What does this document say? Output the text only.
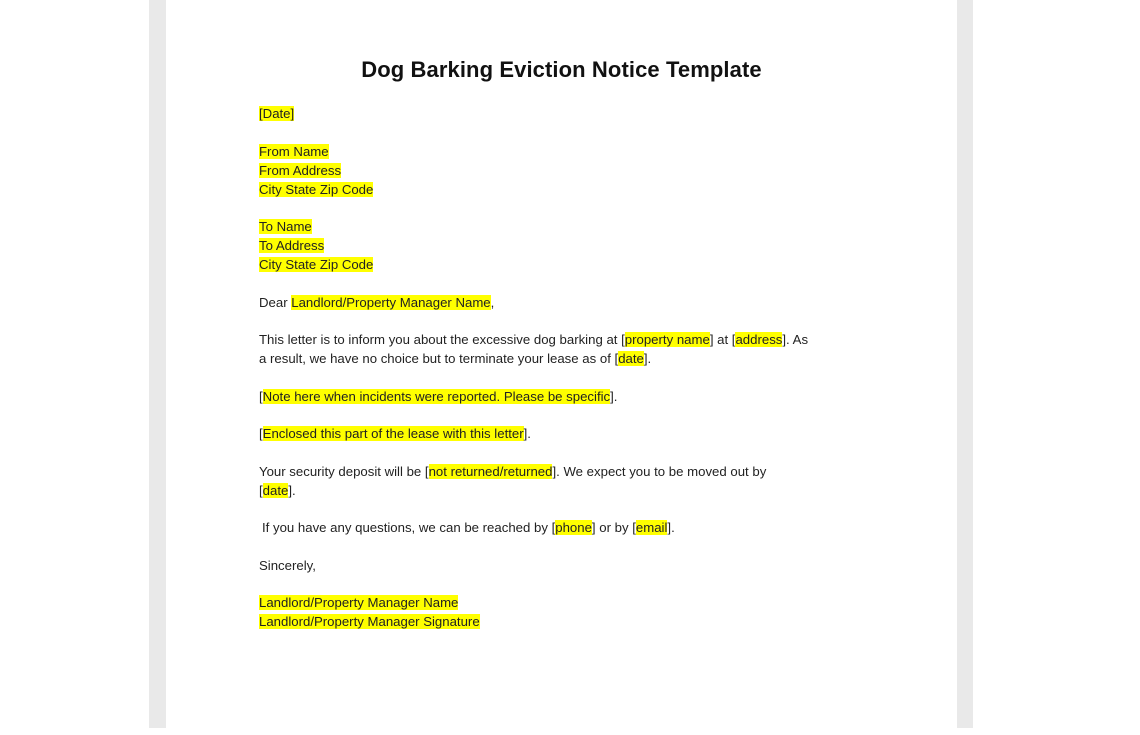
Dog Barking Eviction Notice Template
[Date]
From Name
From Address
City State Zip Code
To Name
To Address
City State Zip Code
Dear Landlord/Property Manager Name,
This letter is to inform you about the excessive dog barking at [property name] at [address]. As
a result, we have no choice but to terminate your lease as of [date].
[Note here when incidents were reported. Please be specific].
[Enclosed this part of the lease with this letter].
Your security deposit will be [not returned/returned]. We expect you to be moved out by
[date].
If you have any questions, we can be reached by [phone] or by [email].
Sincerely,
Landlord/Property Manager Name
Landlord/Property Manager Signature
